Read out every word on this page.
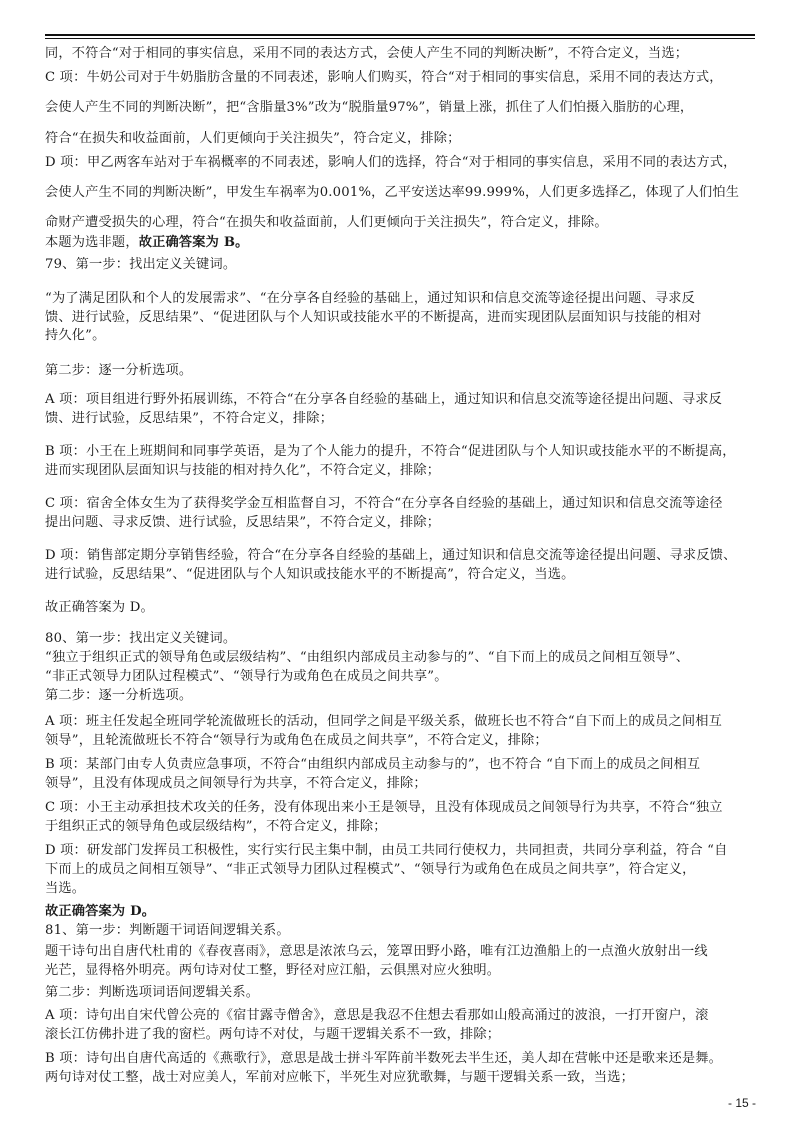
同，不符合“对于相同的事实信息，采用不同的表达方式，会使人产生不同的判断决断”，不符合定义，当选；
C 项：牛奶公司对于牛奶脂肪含量的不同表述，影响人们购买，符合“对于相同的事实信息，采用不同的表达方式，
会使人产生不同的判断决断”，把“含脂量3%”改为“脱脂量97%”，销量上涨，抓住了人们怕摄入脂肪的心理，
符合“在损失和收益面前，人们更倾向于关注损失”，符合定义，排除；
D 项：甲乙两客车站对于车祸概率的不同表述，影响人们的选择，符合“对于相同的事实信息，采用不同的表达方式，
会使人产生不同的判断决断”，甲发生车祸率为0.001%，乙平安送达率99.999%，人们更多选择乙，体现了人们怕生
命财产遭受损失的心理，符合“在损失和收益面前，人们更倾向于关注损失”，符合定义，排除。
本题为选非题，故正确答案为 B。
79、第一步：找出定义关键词。
“为了满足团队和个人的发展需求”、“在分享各自经验的基础上，通过知识和信息交流等途径提出问题、寻求反
馈、进行试验，反思结果”、“促进团队与个人知识或技能水平的不断提高，进而实现团队层面知识与技能的相对
持久化”。
第二步：逐一分析选项。
A 项：项目组进行野外拓展训练，不符合“在分享各自经验的基础上，通过知识和信息交流等途径提出问题、寻求反
馈、进行试验，反思结果”，不符合定义，排除；
B 项：小王在上班期间和同事学英语，是为了个人能力的提升，不符合“促进团队与个人知识或技能水平的不断提高，
进而实现团队层面知识与技能的相对持久化”，不符合定义，排除；
C 项：宿舍全体女生为了获得奖学金互相监督自习，不符合“在分享各自经验的基础上，通过知识和信息交流等途径
提出问题、寻求反馈、进行试验，反思结果”，不符合定义，排除；
D 项：销售部定期分享销售经验，符合“在分享各自经验的基础上，通过知识和信息交流等途径提出问题、寻求反馈、
进行试验，反思结果”、“促进团队与个人知识或技能水平的不断提高”，符合定义，当选。
故正确答案为 D。
80、第一步：找出定义关键词。
“独立于组织正式的领导角色或层级结构”、“由组织内部成员主动参与的”、“自下而上的成员之间相互领导”、
“非正式领导力团队过程模式”、“领导行为或角色在成员之间共享”。
第二步：逐一分析选项。
A 项：班主任发起全班同学轮流做班长的活动，但同学之间是平级关系，做班长也不符合“自下而上的成员之间相互
领导”，且轮流做班长不符合“领导行为或角色在成员之间共享”，不符合定义，排除；
B 项：某部门由专人负责应急事项，不符合“由组织内部成员主动参与的”，也不符合 “自下而上的成员之间相互
领导”，且没有体现成员之间领导行为共享，不符合定义，排除；
C 项：小王主动承担技术攻关的任务，没有体现出来小王是领导，且没有体现成员之间领导行为共享，不符合“独立
于组织正式的领导角色或层级结构”，不符合定义，排除；
D 项：研发部门发挥员工积极性，实行实行民主集中制，由员工共同行使权力，共同担责，共同分享利益，符合 “自
下而上的成员之间相互领导”、“非正式领导力团队过程模式”、“领导行为或角色在成员之间共享”，符合定义，
当选。
故正确答案为 D。
81、第一步：判断题干词语间逻辑关系。
题干诗句出自唐代杜甫的《春夜喜雨》，意思是浓浓乌云，笼罩田野小路，唯有江边渔船上的一点渔火放射出一线
光芒，显得格外明亮。两句诗对仗工整，野径对应江船，云俱黑对应火独明。
第二步：判断选项词语间逻辑关系。
A 项：诗句出自宋代曾公亮的《宿甘露寺僧舍》，意思是我忍不住想去看那如山般高涌过的波浪，一打开窗户，滚
滚长江仿佛扑进了我的窗栏。两句诗不对仗，与题干逻辑关系不一致，排除；
B 项：诗句出自唐代高适的《燕歌行》，意思是战士拼斗军阵前半数死去半生还，美人却在营帐中还是歌来还是舞。
两句诗对仗工整，战士对应美人，军前对应帐下，半死生对应犹歌舞，与题干逻辑关系一致，当选；
- 15 -
